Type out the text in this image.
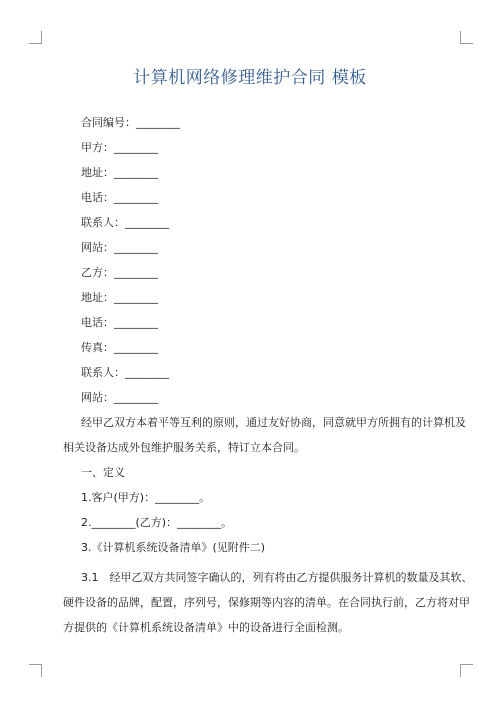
计算机网络修理维护合同 模板
合同编号：________
甲方：________
地址：________
电话：________
联系人：________
网站：________
乙方：________
地址：________
电话：________
传真：________
联系人：________
网站：________
经甲乙双方本着平等互利的原则，通过友好协商，同意就甲方所拥有的计算机及
相关设备达成外包维护服务关系，特订立本合同。
一、定义
1.客户(甲方)：________。
2.________(乙方)：________。
3.《计算机系统设备清单》(见附件二)
3.1　经甲乙双方共同签字确认的，列有将由乙方提供服务计算机的数量及其软、
硬件设备的品牌，配置，序列号，保修期等内容的清单。在合同执行前，乙方将对甲
方提供的《计算机系统设备清单》中的设备进行全面检测。
